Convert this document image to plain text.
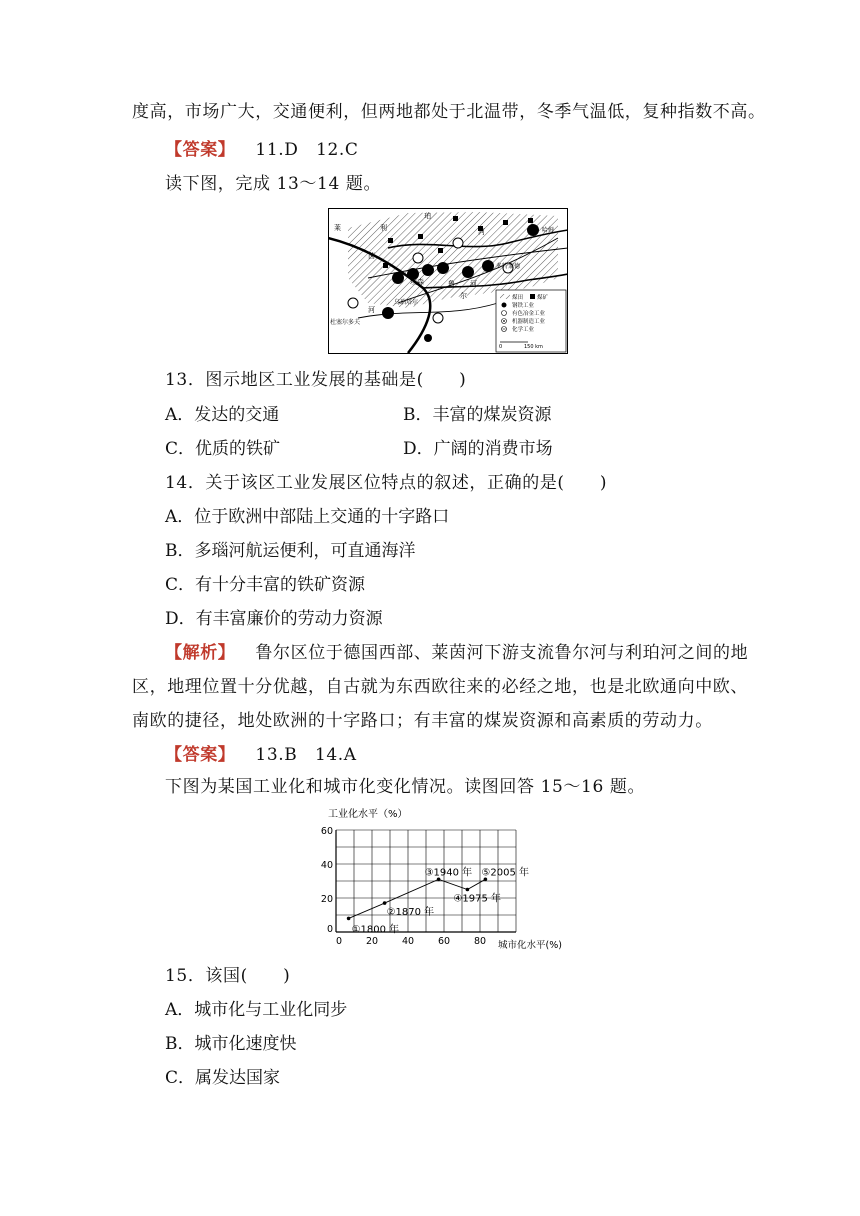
度高，市场广大，交通便利，但两地都处于北温带，冬季气温低，复种指数不高。
【答案】 11.D　12.C
读下图，完成 13～14 题。
莱	利
珀
河
茵
埃森
多特蒙德
河
尔
鲁
哈姆
河
杜塞尔多夫
乌珀塔尔
煤田	煤矿
钢铁工业
有色冶金工业
机器制造工业
化学工业
0	150 km
13．图示地区工业发展的基础是(　　)
A．发达的交通	B．丰富的煤炭资源
C．优质的铁矿	D．广阔的消费市场
14．关于该区工业发展区位特点的叙述，正确的是(　　)
A．位于欧洲中部陆上交通的十字路口
B．多瑙河航运便利，可直通海洋
C．有十分丰富的铁矿资源
D．有丰富廉价的劳动力资源
【解析】 鲁尔区位于德国西部、莱茵河下游支流鲁尔河与利珀河之间的地
区，地理位置十分优越，自古就为东西欧往来的必经之地，也是北欧通向中欧、
南欧的捷径，地处欧洲的十字路口；有丰富的煤炭资源和高素质的劳动力。
【答案】 13.B　14.A
下图为某国工业化和城市化变化情况。读图回答 15～16 题。
0	20	40	60	80
0
20
40
60
工业化水平（%）
城市化水平(%)
①1800 年
②1870 年
③1940 年
④1975 年
⑤2005 年
15．该国(　　)
A．城市化与工业化同步
B．城市化速度快
C．属发达国家
